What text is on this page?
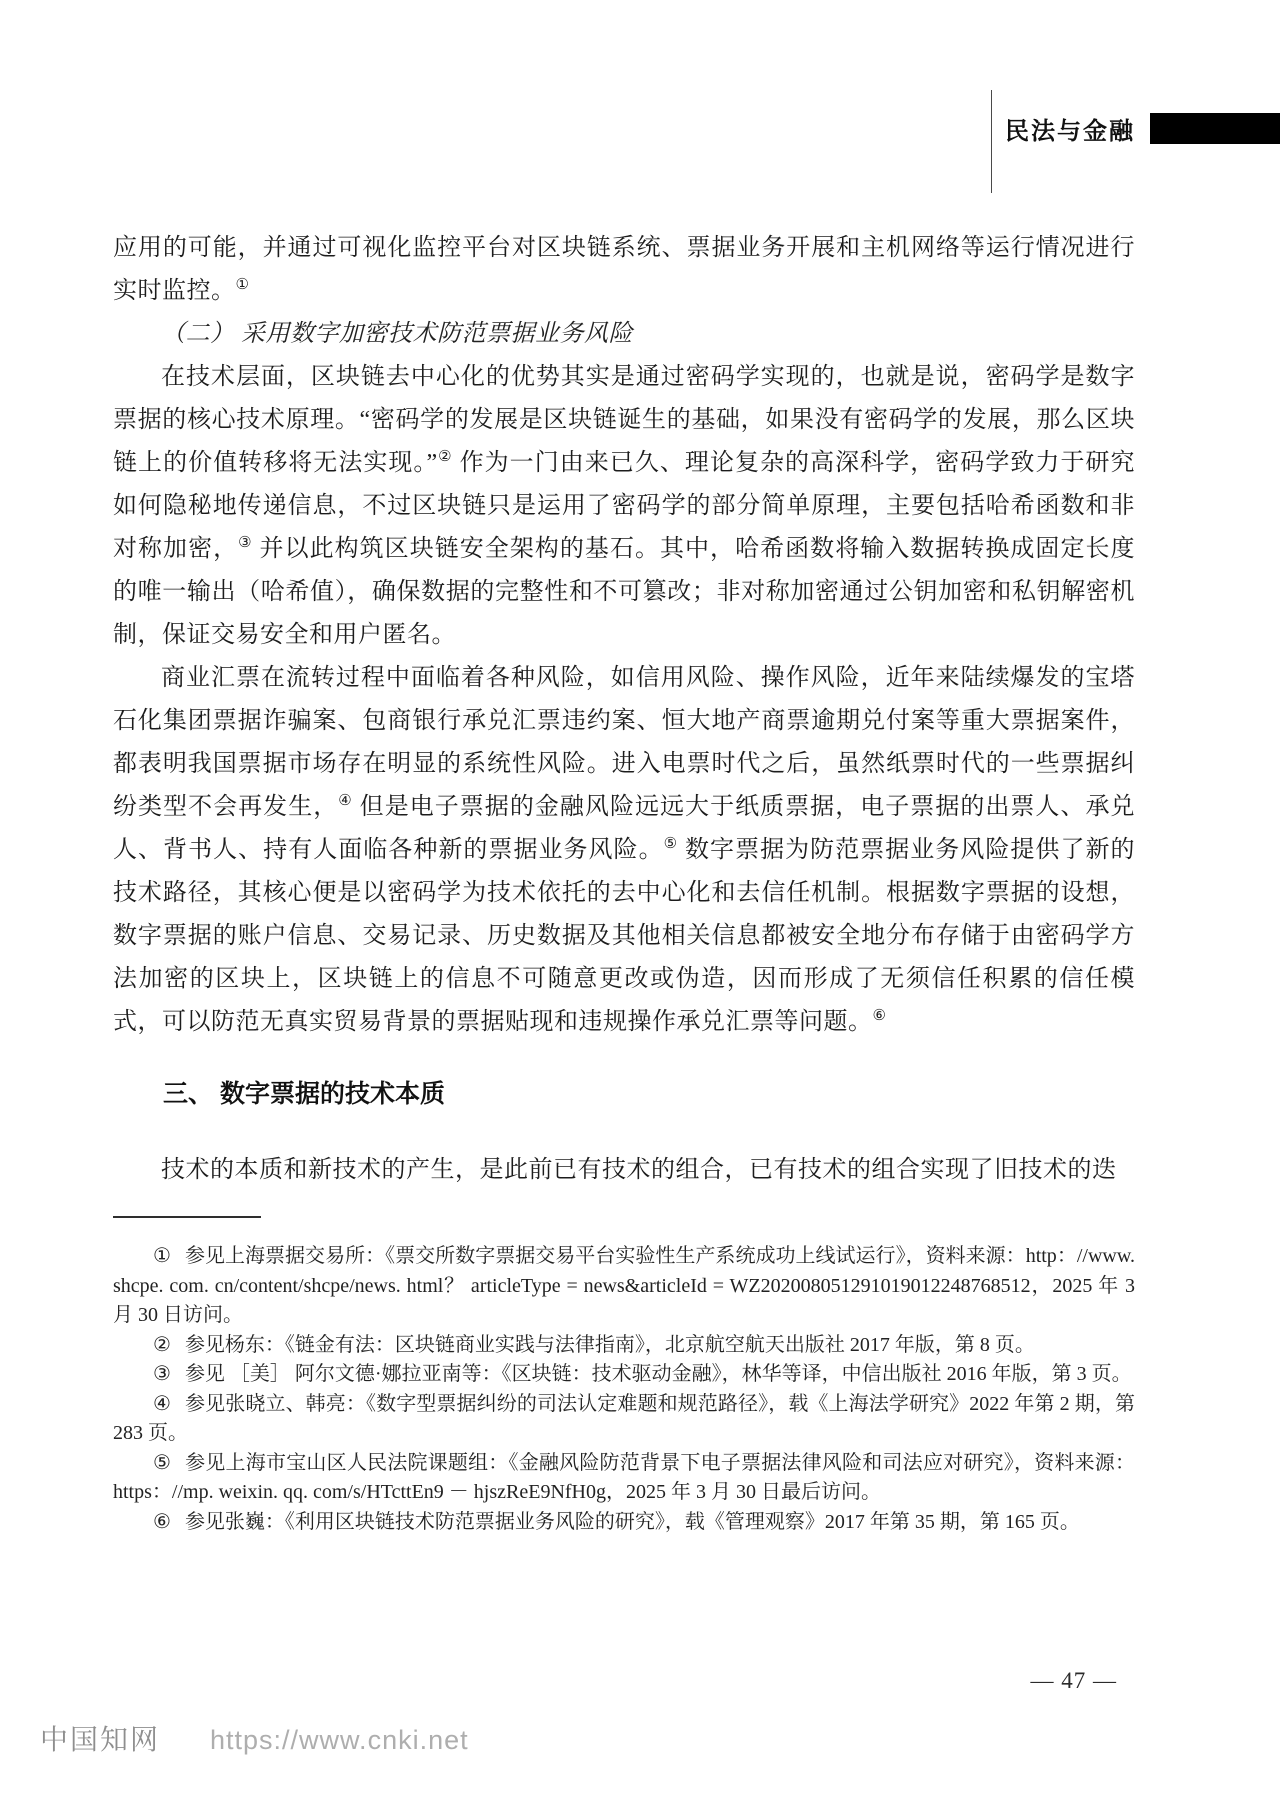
民法与金融

应用的可能，并通过可视化监控平台对区块链系统、票据业务开展和主机网络等运行情况进行实时监控。①

（二） 采用数字加密技术防范票据业务风险

在技术层面，区块链去中心化的优势其实是通过密码学实现的，也就是说，密码学是数字票据的核心技术原理。“密码学的发展是区块链诞生的基础，如果没有密码学的发展，那么区块链上的价值转移将无法实现。”② 作为一门由来已久、理论复杂的高深科学，密码学致力于研究如何隐秘地传递信息，不过区块链只是运用了密码学的部分简单原理，主要包括哈希函数和非对称加密，③ 并以此构筑区块链安全架构的基石。其中，哈希函数将输入数据转换成固定长度的唯一输出（哈希值），确保数据的完整性和不可篡改；非对称加密通过公钥加密和私钥解密机制，保证交易安全和用户匿名。

商业汇票在流转过程中面临着各种风险，如信用风险、操作风险，近年来陆续爆发的宝塔石化集团票据诈骗案、包商银行承兑汇票违约案、恒大地产商票逾期兑付案等重大票据案件，都表明我国票据市场存在明显的系统性风险。进入电票时代之后，虽然纸票时代的一些票据纠纷类型不会再发生，④ 但是电子票据的金融风险远远大于纸质票据，电子票据的出票人、承兑人、背书人、持有人面临各种新的票据业务风险。⑤ 数字票据为防范票据业务风险提供了新的技术路径，其核心便是以密码学为技术依托的去中心化和去信任机制。根据数字票据的设想，数字票据的账户信息、交易记录、历史数据及其他相关信息都被安全地分布存储于由密码学方法加密的区块上，区块链上的信息不可随意更改或伪造，因而形成了无须信任积累的信任模式，可以防范无真实贸易背景的票据贴现和违规操作承兑汇票等问题。⑥

三、 数字票据的技术本质

技术的本质和新技术的产生，是此前已有技术的组合，已有技术的组合实现了旧技术的迭

① 参见上海票据交易所：《票交所数字票据交易平台实验性生产系统成功上线试运行》，资料来源：http：//www. shcpe. com. cn/content/shcpe/news. html？ articleType = news&articleId = WZ202008051291019012248768512，2025 年 3 月 30 日访问。

② 参见杨东：《链金有法：区块链商业实践与法律指南》，北京航空航天出版社 2017 年版，第 8 页。

③ 参见 ［美］ 阿尔文德·娜拉亚南等：《区块链：技术驱动金融》，林华等译，中信出版社 2016 年版，第 3 页。

④ 参见张晓立、韩亮：《数字型票据纠纷的司法认定难题和规范路径》，载《上海法学研究》2022 年第 2 期，第 283 页。

⑤ 参见上海市宝山区人民法院课题组：《金融风险防范背景下电子票据法律风险和司法应对研究》，资料来源：https：//mp. weixin. qq. com/s/HTcttEn9 － hjszReE9NfH0g，2025 年 3 月 30 日最后访问。

⑥ 参见张巍：《利用区块链技术防范票据业务风险的研究》，载《管理观察》2017 年第 35 期，第 165 页。

— 47 —
中国知网 https://www.cnki.net
